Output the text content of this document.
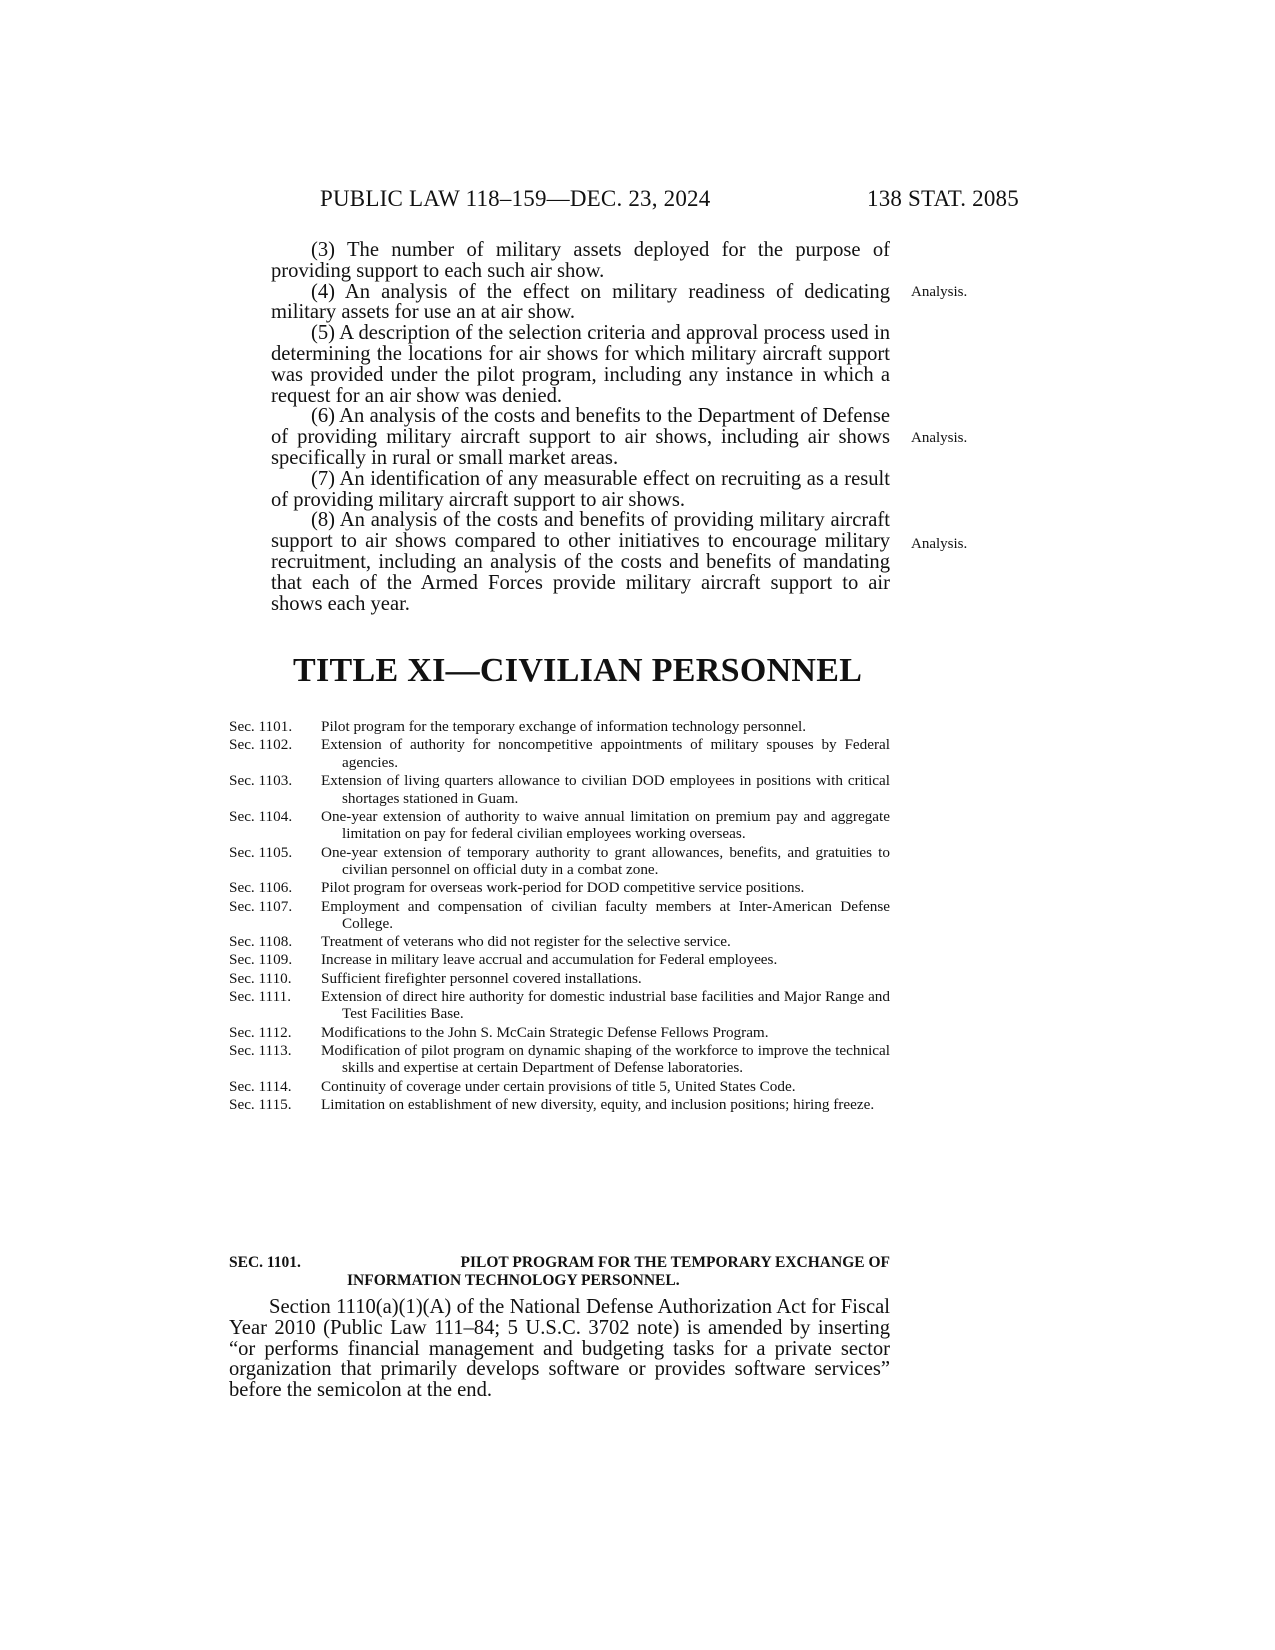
PUBLIC LAW 118–159—DEC. 23, 2024	138 STAT. 2085

(3) The number of military assets deployed for the purpose of providing support to each such air show.

(4) An analysis of the effect on military readiness of dedicating military assets for use an at air show.

(5) A description of the selection criteria and approval process used in determining the locations for air shows for which military aircraft support was provided under the pilot program, including any instance in which a request for an air show was denied.

(6) An analysis of the costs and benefits to the Department of Defense of providing military aircraft support to air shows, including air shows specifically in rural or small market areas.

(7) An identification of any measurable effect on recruiting as a result of providing military aircraft support to air shows.

(8) An analysis of the costs and benefits of providing military aircraft support to air shows compared to other initiatives to encourage military recruitment, including an analysis of the costs and benefits of mandating that each of the Armed Forces provide military aircraft support to air shows each year.

Analysis.
Analysis.
Analysis.
TITLE XI—CIVILIAN PERSONNEL
Sec. 1101.	Pilot program for the temporary exchange of information technology personnel.
Sec. 1102.	Extension of authority for noncompetitive appointments of military spouses by Federal agencies.
Sec. 1103.	Extension of living quarters allowance to civilian DOD employees in positions with critical shortages stationed in Guam.
Sec. 1104.	One-year extension of authority to waive annual limitation on premium pay and aggregate limitation on pay for federal civilian employees working overseas.
Sec. 1105.	One-year extension of temporary authority to grant allowances, benefits, and gratuities to civilian personnel on official duty in a combat zone.
Sec. 1106.	Pilot program for overseas work-period for DOD competitive service positions.
Sec. 1107.	Employment and compensation of civilian faculty members at Inter-American Defense College.
Sec. 1108.	Treatment of veterans who did not register for the selective service.
Sec. 1109.	Increase in military leave accrual and accumulation for Federal employees.
Sec. 1110.	Sufficient firefighter personnel covered installations.
Sec. 1111.	Extension of direct hire authority for domestic industrial base facilities and Major Range and Test Facilities Base.
Sec. 1112.	Modifications to the John S. McCain Strategic Defense Fellows Program.
Sec. 1113.	Modification of pilot program on dynamic shaping of the workforce to improve the technical skills and expertise at certain Department of Defense laboratories.
Sec. 1114.	Continuity of coverage under certain provisions of title 5, United States Code.
Sec. 1115.	Limitation on establishment of new diversity, equity, and inclusion positions; hiring freeze.
SEC. 1101.	PILOT PROGRAM FOR THE TEMPORARY EXCHANGE OF
INFORMATION TECHNOLOGY PERSONNEL.

Section 1110(a)(1)(A) of the National Defense Authorization Act for Fiscal Year 2010 (Public Law 111–84; 5 U.S.C. 3702 note) is amended by inserting “or performs financial management and budgeting tasks for a private sector organization that primarily develops software or provides software services” before the semicolon at the end.
